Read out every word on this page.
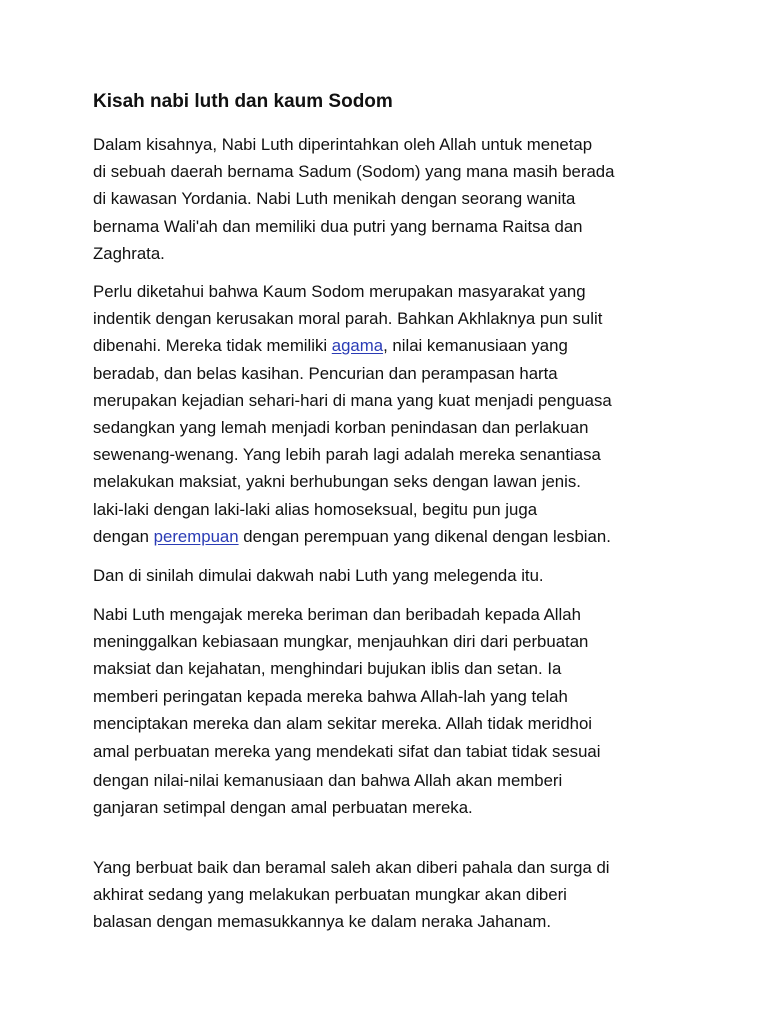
Kisah nabi luth dan kaum Sodom

Dalam kisahnya, Nabi Luth diperintahkan oleh Allah untuk menetap
di sebuah daerah bernama Sadum (Sodom) yang mana masih berada
di kawasan Yordania. Nabi Luth menikah dengan seorang wanita
bernama Wali'ah dan memiliki dua putri yang bernama Raitsa dan
Zaghrata.

Perlu diketahui bahwa Kaum Sodom merupakan masyarakat yang
indentik dengan kerusakan moral parah. Bahkan Akhlaknya pun sulit
dibenahi. Mereka tidak memiliki agama, nilai kemanusiaan yang
beradab, dan belas kasihan. Pencurian dan perampasan harta
merupakan kejadian sehari-hari di mana yang kuat menjadi penguasa
sedangkan yang lemah menjadi korban penindasan dan perlakuan
sewenang-wenang. Yang lebih parah lagi adalah mereka senantiasa
melakukan maksiat, yakni berhubungan seks dengan lawan jenis.
laki-laki dengan laki-laki alias homoseksual, begitu pun juga
dengan perempuan dengan perempuan yang dikenal dengan lesbian.

Dan di sinilah dimulai dakwah nabi Luth yang melegenda itu.

Nabi Luth mengajak mereka beriman dan beribadah kepada Allah
meninggalkan kebiasaan mungkar, menjauhkan diri dari perbuatan
maksiat dan kejahatan, menghindari bujukan iblis dan setan. Ia
memberi peringatan kepada mereka bahwa Allah-lah yang telah
menciptakan mereka dan alam sekitar mereka. Allah tidak meridhoi
amal perbuatan mereka yang mendekati sifat dan tabiat tidak sesuai
dengan nilai-nilai kemanusiaan dan bahwa Allah akan memberi
ganjaran setimpal dengan amal perbuatan mereka.

Yang berbuat baik dan beramal saleh akan diberi pahala dan surga di
akhirat sedang yang melakukan perbuatan mungkar akan diberi
balasan dengan memasukkannya ke dalam neraka Jahanam.
